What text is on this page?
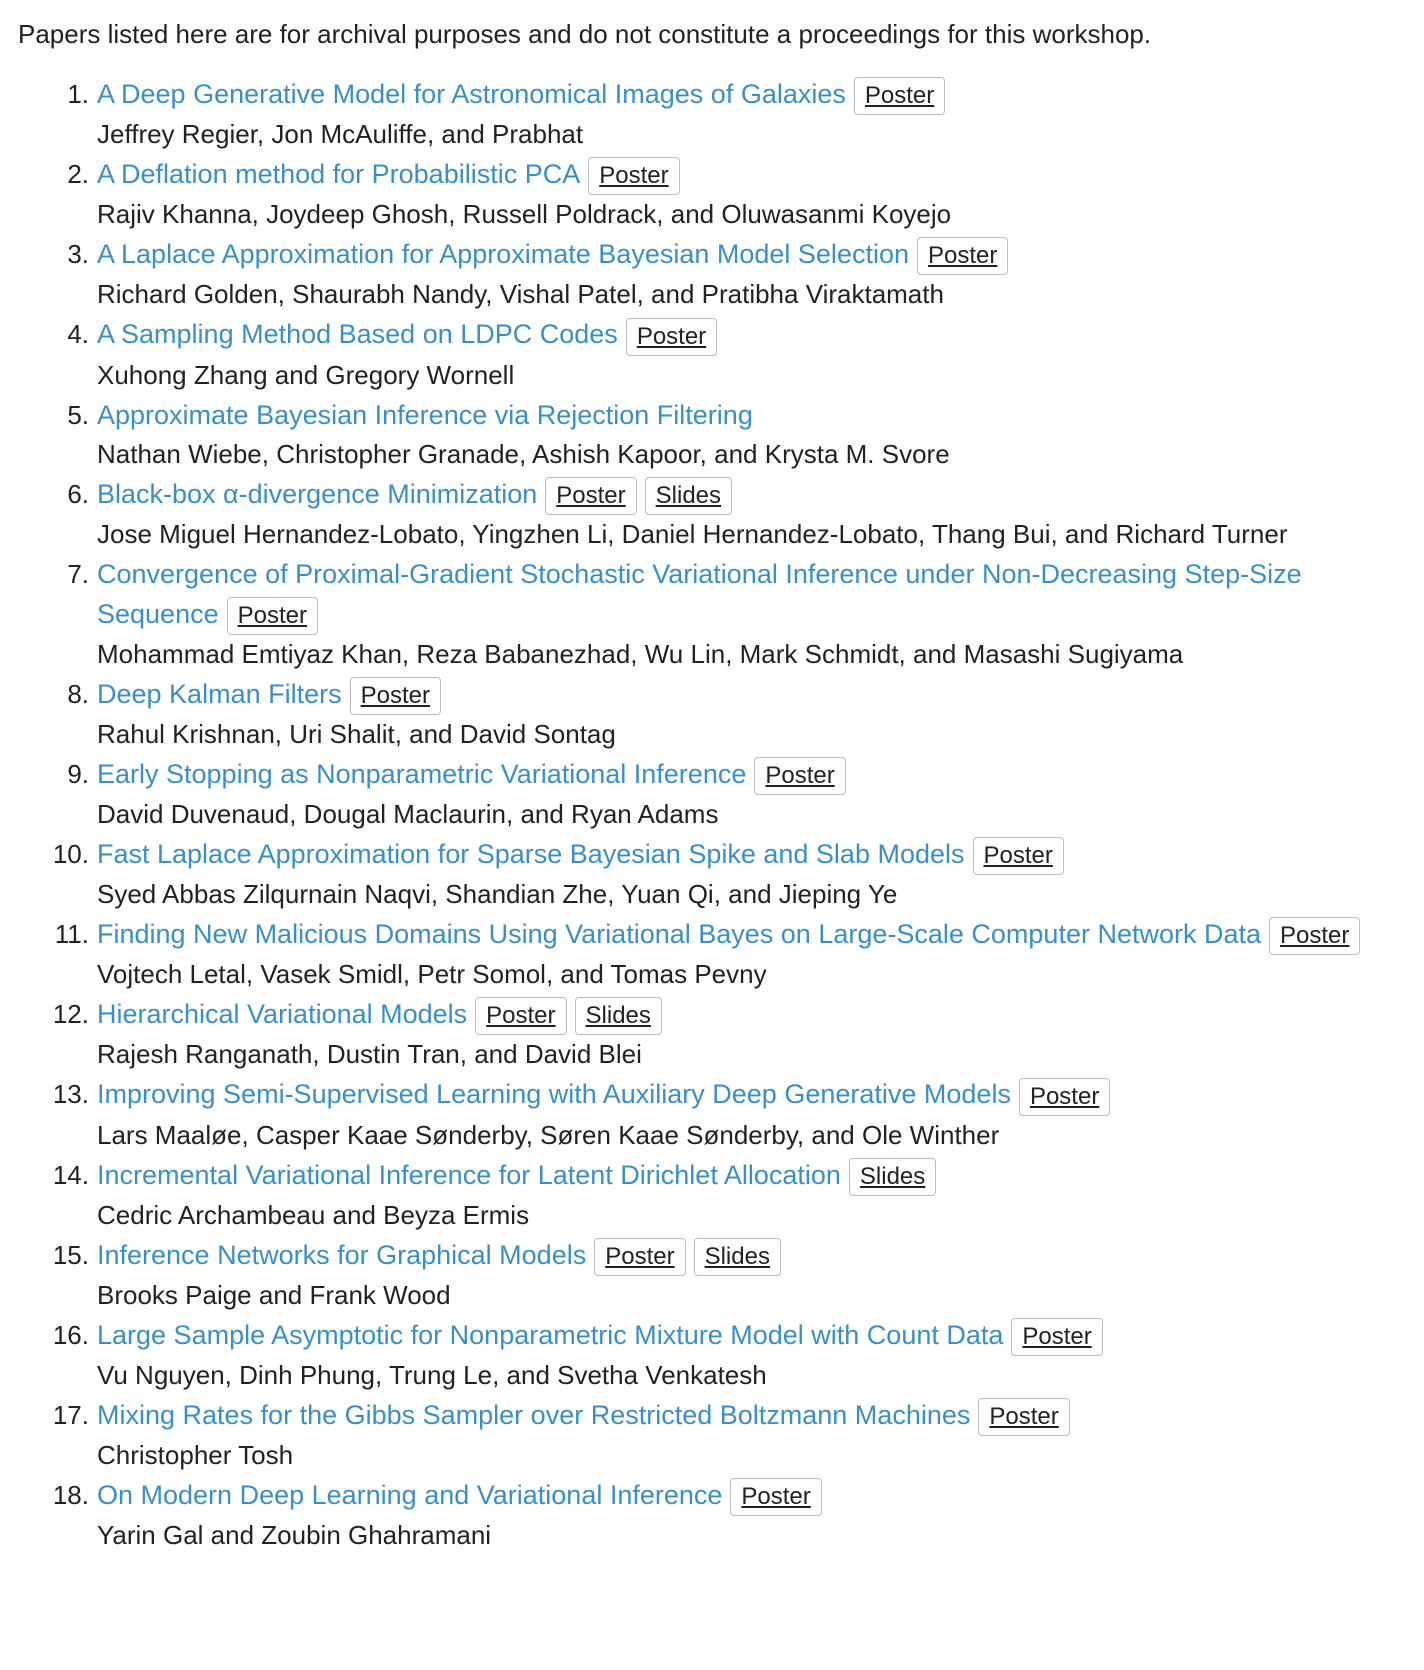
Papers listed here are for archival purposes and do not constitute a proceedings for this workshop.

1. A Deep Generative Model for Astronomical Images of Galaxies Poster
Jeffrey Regier, Jon McAuliffe, and Prabhat
2. A Deflation method for Probabilistic PCA Poster
Rajiv Khanna, Joydeep Ghosh, Russell Poldrack, and Oluwasanmi Koyejo
3. A Laplace Approximation for Approximate Bayesian Model Selection Poster
Richard Golden, Shaurabh Nandy, Vishal Patel, and Pratibha Viraktamath
4. A Sampling Method Based on LDPC Codes Poster
Xuhong Zhang and Gregory Wornell
5. Approximate Bayesian Inference via Rejection Filtering
Nathan Wiebe, Christopher Granade, Ashish Kapoor, and Krysta M. Svore
6. Black-box α-divergence Minimization Poster Slides
Jose Miguel Hernandez-Lobato, Yingzhen Li, Daniel Hernandez-Lobato, Thang Bui, and Richard Turner
7. Convergence of Proximal-Gradient Stochastic Variational Inference under Non-Decreasing Step-Size Sequence Poster
Mohammad Emtiyaz Khan, Reza Babanezhad, Wu Lin, Mark Schmidt, and Masashi Sugiyama
8. Deep Kalman Filters Poster
Rahul Krishnan, Uri Shalit, and David Sontag
9. Early Stopping as Nonparametric Variational Inference Poster
David Duvenaud, Dougal Maclaurin, and Ryan Adams
10. Fast Laplace Approximation for Sparse Bayesian Spike and Slab Models Poster
Syed Abbas Zilqurnain Naqvi, Shandian Zhe, Yuan Qi, and Jieping Ye
11. Finding New Malicious Domains Using Variational Bayes on Large-Scale Computer Network Data Poster
Vojtech Letal, Vasek Smidl, Petr Somol, and Tomas Pevny
12. Hierarchical Variational Models Poster Slides
Rajesh Ranganath, Dustin Tran, and David Blei
13. Improving Semi-Supervised Learning with Auxiliary Deep Generative Models Poster
Lars Maaløe, Casper Kaae Sønderby, Søren Kaae Sønderby, and Ole Winther
14. Incremental Variational Inference for Latent Dirichlet Allocation Slides
Cedric Archambeau and Beyza Ermis
15. Inference Networks for Graphical Models Poster Slides
Brooks Paige and Frank Wood
16. Large Sample Asymptotic for Nonparametric Mixture Model with Count Data Poster
Vu Nguyen, Dinh Phung, Trung Le, and Svetha Venkatesh
17. Mixing Rates for the Gibbs Sampler over Restricted Boltzmann Machines Poster
Christopher Tosh
18. On Modern Deep Learning and Variational Inference Poster
Yarin Gal and Zoubin Ghahramani
